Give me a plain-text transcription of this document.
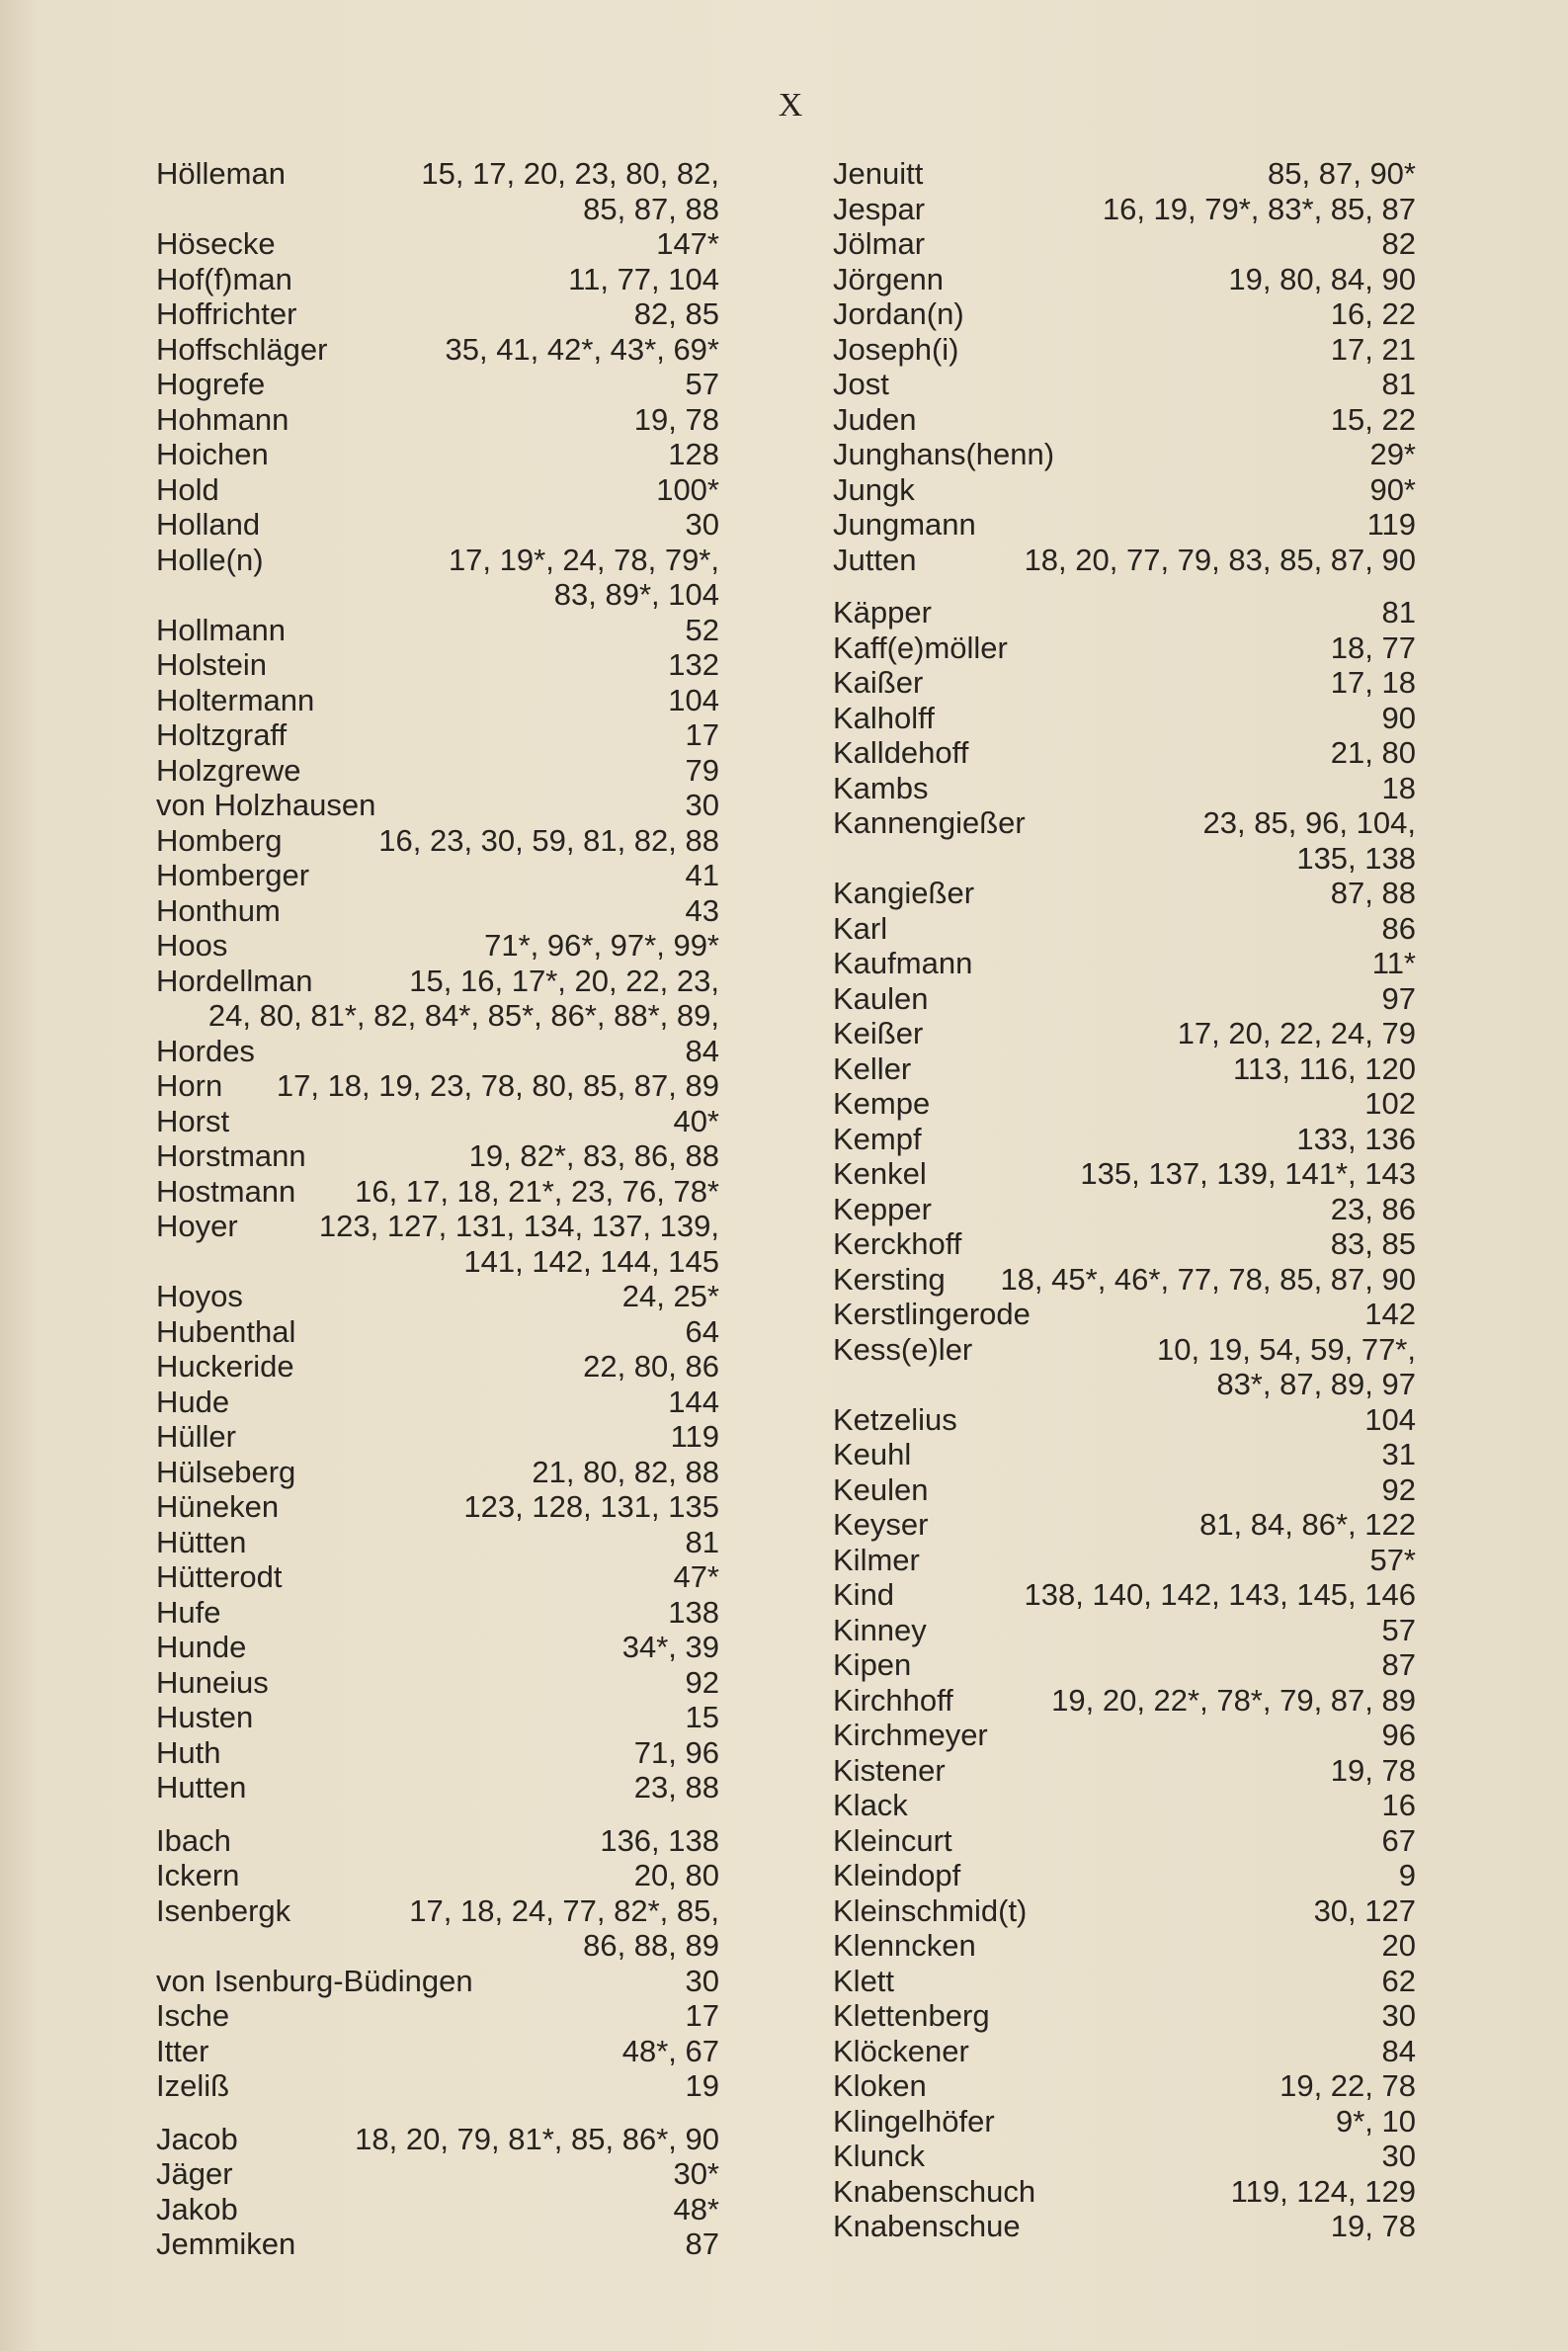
X
Hölleman	15, 17, 20, 23, 80, 82,
85, 87, 88
Hösecke	147*
Hof(f)man	11, 77, 104
Hoffrichter	82, 85
Hoffschläger	35, 41, 42*, 43*, 69*
Hogrefe	57
Hohmann	19, 78
Hoichen	128
Hold	100*
Holland	30
Holle(n)	17, 19*, 24, 78, 79*,
83, 89*, 104
Hollmann	52
Holstein	132
Holtermann	104
Holtzgraff	17
Holzgrewe	79
von Holzhausen	30
Homberg	16, 23, 30, 59, 81, 82, 88
Homberger	41
Honthum	43
Hoos	71*, 96*, 97*, 99*
Hordellman	15, 16, 17*, 20, 22, 23,
24, 80, 81*, 82, 84*, 85*, 86*, 88*, 89,
Hordes	84
Horn	17, 18, 19, 23, 78, 80, 85, 87, 89
Horst	40*
Horstmann	19, 82*, 83, 86, 88
Hostmann	16, 17, 18, 21*, 23, 76, 78*
Hoyer	123, 127, 131, 134, 137, 139,
141, 142, 144, 145
Hoyos	24, 25*
Hubenthal	64
Huckeride	22, 80, 86
Hude	144
Hüller	119
Hülseberg	21, 80, 82, 88
Hüneken	123, 128, 131, 135
Hütten	81
Hütterodt	47*
Hufe	138
Hunde	34*, 39
Huneius	92
Husten	15
Huth	71, 96
Hutten	23, 88
Ibach	136, 138
Ickern	20, 80
Isenbergk	17, 18, 24, 77, 82*, 85,
86, 88, 89
von Isenburg-Büdingen	30
Ische	17
Itter	48*, 67
Izeliß	19
Jacob	18, 20, 79, 81*, 85, 86*, 90
Jäger	30*
Jakob	48*
Jemmiken	87
Jenuitt	85, 87, 90*
Jespar	16, 19, 79*, 83*, 85, 87
Jölmar	82
Jörgenn	19, 80, 84, 90
Jordan(n)	16, 22
Joseph(i)	17, 21
Jost	81
Juden	15, 22
Junghans(henn)	29*
Jungk	90*
Jungmann	119
Jutten	18, 20, 77, 79, 83, 85, 87, 90
Käpper	81
Kaff(e)möller	18, 77
Kaißer	17, 18
Kalholff	90
Kalldehoff	21, 80
Kambs	18
Kannengießer	23, 85, 96, 104,
135, 138
Kangießer	87, 88
Karl	86
Kaufmann	11*
Kaulen	97
Keißer	17, 20, 22, 24, 79
Keller	113, 116, 120
Kempe	102
Kempf	133, 136
Kenkel	135, 137, 139, 141*, 143
Kepper	23, 86
Kerckhoff	83, 85
Kersting	18, 45*, 46*, 77, 78, 85, 87, 90
Kerstlingerode	142
Kess(e)ler	10, 19, 54, 59, 77*,
83*, 87, 89, 97
Ketzelius	104
Keuhl	31
Keulen	92
Keyser	81, 84, 86*, 122
Kilmer	57*
Kind	138, 140, 142, 143, 145, 146
Kinney	57
Kipen	87
Kirchhoff	19, 20, 22*, 78*, 79, 87, 89
Kirchmeyer	96
Kistener	19, 78
Klack	16
Kleincurt	67
Kleindopf	9
Kleinschmid(t)	30, 127
Klenncken	20
Klett	62
Klettenberg	30
Klöckener	84
Kloken	19, 22, 78
Klingelhöfer	9*, 10
Klunck	30
Knabenschuch	119, 124, 129
Knabenschue	19, 78
